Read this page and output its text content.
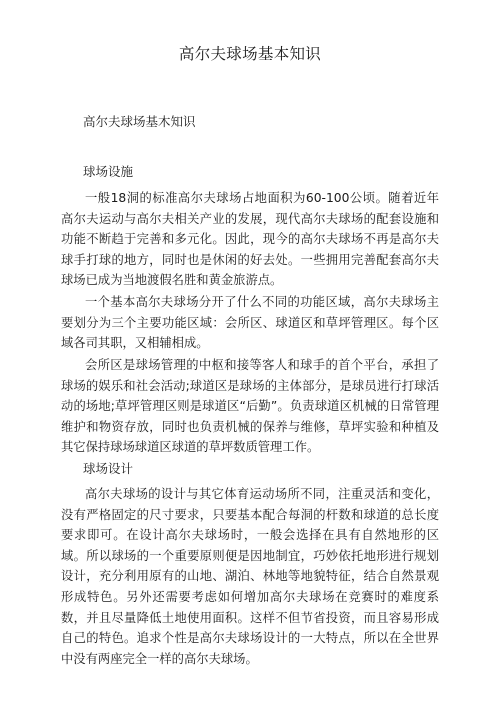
高尔夫球场基本知识
高尔夫球场基木知识
球场设施

一般18洞的标准高尔夫球场占地面积为60-100公顷。随着近年高尔夫运动与高尔夫相关产业的发展，现代高尔夫球场的配套设施和功能不断趋于完善和多元化。因此，现今的高尔夫球场不再是高尔夫球手打球的地方，同时也是休闲的好去处。一些拥用完善配套高尔夫球场已成为当地渡假名胜和黄金旅游点。

一个基本高尔夫球场分开了什么不同的功能区域，高尔夫球场主要划分为三个主要功能区域：会所区、球道区和草坪管理区。每个区域各司其职，又相辅相成。

会所区是球场管理的中枢和接等客人和球手的首个平台，承担了球场的娱乐和社会活动;球道区是球场的主体部分，是球员进行打球活动的场地;草坪管理区则是球道区“后勤”。负责球道区机械的日常管理维护和物资存放，同时也负责机械的保养与维修，草坪实验和种植及其它保持球场球道区球道的草坪数质管理工作。

球场设计

高尔夫球场的设计与其它体育运动场所不同，注重灵活和变化，没有严格固定的尺寸要求，只要基本配合每洞的杆数和球道的总长度要求即可。在设计高尔夫球场时，一般会选择在具有自然地形的区域。所以球场的一个重要原则便是因地制宜，巧妙依托地形进行规划设计，充分利用原有的山地、湖泊、林地等地貌特征，结合自然景观形成特色。另外还需要考虑如何增加高尔夫球场在竞赛时的难度系数，并且尽量降低土地使用面积。这样不但节省投资，而且容易形成自己的特色。追求个性是高尔夫球场设计的一大特点，所以在全世界中没有两座完全一样的高尔夫球场。
